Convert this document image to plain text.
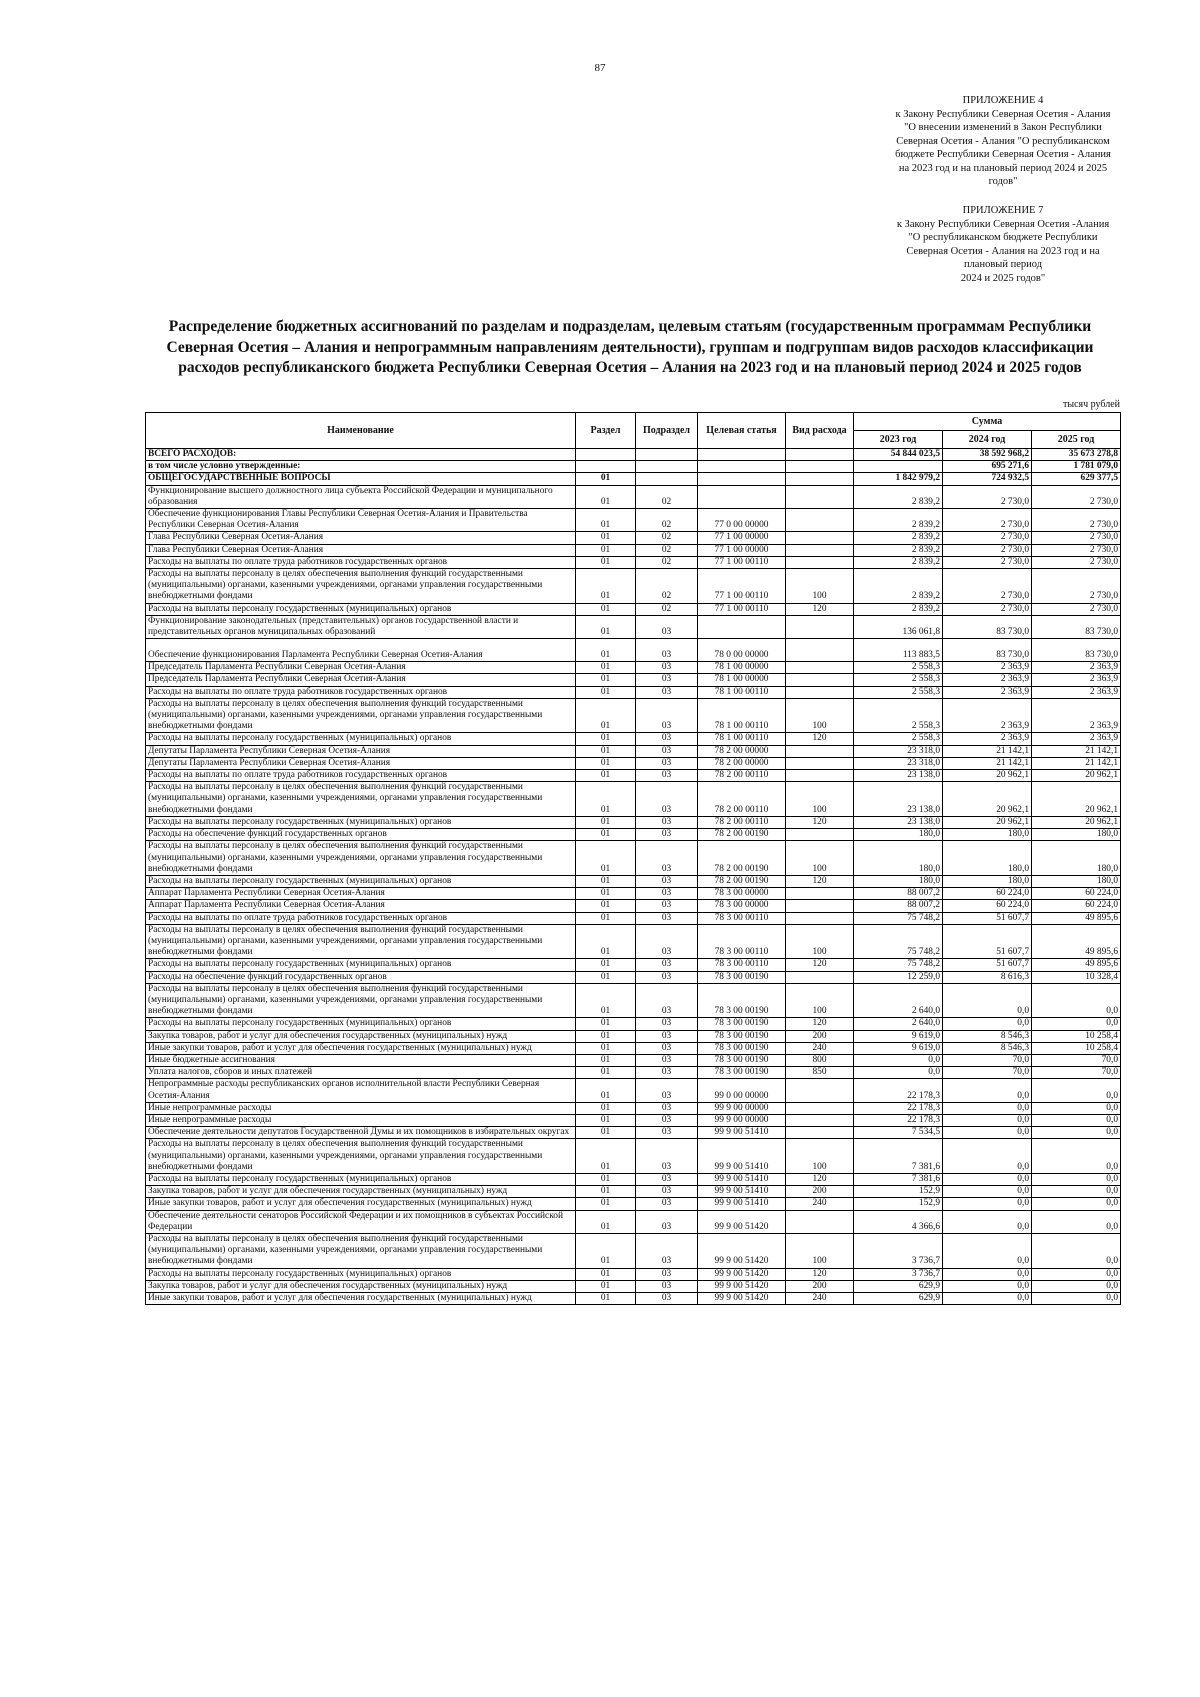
87
ПРИЛОЖЕНИЕ 4
к Закону Республики Северная Осетия - Алания
"О внесении изменений в Закон Республики
Северная Осетия - Алания "О республиканском
бюджете Республики Северная Осетия - Алания
на 2023 год и на плановый период 2024 и 2025
годов"
ПРИЛОЖЕНИЕ 7
к Закону Республики Северная Осетия -Алания
"О республиканском бюджете Республики
Северная Осетия - Алания на 2023 год и на
плановый период
2024 и 2025 годов"
Распределение бюджетных ассигнований по разделам и подразделам, целевым статьям (государственным программам Республики Северная Осетия – Алания и непрограммным направлениям деятельности), группам и подгруппам видов расходов классификации расходов республиканского бюджета Республики Северная Осетия – Алания на 2023 год и на плановый период 2024 и 2025 годов
тысяч рублей
Наименование	Раздел	Подраздел	Целевая статья	Вид расхода	Сумма		
					2023 год	2024 год	2025 год
ВСЕГО РАСХОДОВ:					54 844 023,5	38 592 968,2	35 673 278,8
в том числе условно утвержденные:						695 271,6	1 781 079,0
ОБЩЕГОСУДАРСТВЕННЫЕ ВОПРОСЫ	01				1 842 979,2	724 932,5	629 377,5
Функционирование высшего должностного лица субъекта Российской Федерации и муниципального образования	01	02			2 839,2	2 730,0	2 730,0
Обеспечение функционирования Главы Республики Северная Осетия-Алания и Правительства Республики Северная Осетия-Алания	01	02	77 0 00 00000		2 839,2	2 730,0	2 730,0
Глава Республики Северная Осетия-Алания	01	02	77 1 00 00000		2 839,2	2 730,0	2 730,0
Глава Республики Северная Осетия-Алания	01	02	77 1 00 00000		2 839,2	2 730,0	2 730,0
Расходы на выплаты по оплате труда работников государственных органов	01	02	77 1 00 00110		2 839,2	2 730,0	2 730,0
Расходы на выплаты персоналу в целях обеспечения выполнения функций государственными (муниципальными) органами, казенными учреждениями, органами управления государственными внебюджетными фондами	01	02	77 1 00 00110	100	2 839,2	2 730,0	2 730,0
Расходы на выплаты персоналу государственных (муниципальных) органов	01	02	77 1 00 00110	120	2 839,2	2 730,0	2 730,0
Функционирование законодательных (представительных) органов государственной власти и представительных органов муниципальных образований	01	03			136 061,8	83 730,0	83 730,0
Обеспечение функционирования Парламента Республики Северная Осетия-Алания	01	03	78 0 00 00000		113 883,5	83 730,0	83 730,0
Председатель Парламента Республики Северная Осетия-Алания	01	03	78 1 00 00000		2 558,3	2 363,9	2 363,9
Председатель Парламента Республики Северная Осетия-Алания	01	03	78 1 00 00000		2 558,3	2 363,9	2 363,9
Расходы на выплаты по оплате труда работников государственных органов	01	03	78 1 00 00110		2 558,3	2 363,9	2 363,9
Расходы на выплаты персоналу в целях обеспечения выполнения функций государственными (муниципальными) органами, казенными учреждениями, органами управления государственными внебюджетными фондами	01	03	78 1 00 00110	100	2 558,3	2 363,9	2 363,9
Расходы на выплаты персоналу государственных (муниципальных) органов	01	03	78 1 00 00110	120	2 558,3	2 363,9	2 363,9
Депутаты Парламента Республики Северная Осетия-Алания	01	03	78 2 00 00000		23 318,0	21 142,1	21 142,1
Депутаты Парламента Республики Северная Осетия-Алания	01	03	78 2 00 00000		23 318,0	21 142,1	21 142,1
Расходы на выплаты по оплате труда работников государственных органов	01	03	78 2 00 00110		23 138,0	20 962,1	20 962,1
Расходы на выплаты персоналу в целях обеспечения выполнения функций государственными (муниципальными) органами, казенными учреждениями, органами управления государственными внебюджетными фондами	01	03	78 2 00 00110	100	23 138,0	20 962,1	20 962,1
Расходы на выплаты персоналу государственных (муниципальных) органов	01	03	78 2 00 00110	120	23 138,0	20 962,1	20 962,1
Расходы на обеспечение функций государственных органов	01	03	78 2 00 00190		180,0	180,0	180,0
Расходы на выплаты персоналу в целях обеспечения выполнения функций государственными (муниципальными) органами, казенными учреждениями, органами управления государственными внебюджетными фондами	01	03	78 2 00 00190	100	180,0	180,0	180,0
Расходы на выплаты персоналу государственных (муниципальных) органов	01	03	78 2 00 00190	120	180,0	180,0	180,0
Аппарат Парламента Республики Северная Осетия-Алания	01	03	78 3 00 00000		88 007,2	60 224,0	60 224,0
Аппарат Парламента Республики Северная Осетия-Алания	01	03	78 3 00 00000		88 007,2	60 224,0	60 224,0
Расходы на выплаты по оплате труда работников государственных органов	01	03	78 3 00 00110		75 748,2	51 607,7	49 895,6
Расходы на выплаты персоналу в целях обеспечения выполнения функций государственными (муниципальными) органами, казенными учреждениями, органами управления государственными внебюджетными фондами	01	03	78 3 00 00110	100	75 748,2	51 607,7	49 895,6
Расходы на выплаты персоналу государственных (муниципальных) органов	01	03	78 3 00 00110	120	75 748,2	51 607,7	49 895,6
Расходы на обеспечение функций государственных органов	01	03	78 3 00 00190		12 259,0	8 616,3	10 328,4
Расходы на выплаты персоналу в целях обеспечения выполнения функций государственными (муниципальными) органами, казенными учреждениями, органами управления государственными внебюджетными фондами	01	03	78 3 00 00190	100	2 640,0	0,0	0,0
Расходы на выплаты персоналу государственных (муниципальных) органов	01	03	78 3 00 00190	120	2 640,0	0,0	0,0
Закупка товаров, работ и услуг для обеспечения государственных (муниципальных) нужд	01	03	78 3 00 00190	200	9 619,0	8 546,3	10 258,4
Иные закупки товаров, работ и услуг для обеспечения государственных (муниципальных) нужд	01	03	78 3 00 00190	240	9 619,0	8 546,3	10 258,4
Иные бюджетные ассигнования	01	03	78 3 00 00190	800	0,0	70,0	70,0
Уплата налогов, сборов и иных платежей	01	03	78 3 00 00190	850	0,0	70,0	70,0
Непрограммные расходы республиканских органов исполнительной власти Республики Северная Осетия-Алания	01	03	99 0 00 00000		22 178,3	0,0	0,0
Иные непрограммные расходы	01	03	99 9 00 00000		22 178,3	0,0	0,0
Иные непрограммные расходы	01	03	99 9 00 00000		22 178,3	0,0	0,0
Обеспечение деятельности депутатов Государственной Думы и их помощников в избирательных округах	01	03	99 9 00 51410		7 534,5	0,0	0,0
Расходы на выплаты персоналу в целях обеспечения выполнения функций государственными (муниципальными) органами, казенными учреждениями, органами управления государственными внебюджетными фондами	01	03	99 9 00 51410	100	7 381,6	0,0	0,0
Расходы на выплаты персоналу государственных (муниципальных) органов	01	03	99 9 00 51410	120	7 381,6	0,0	0,0
Закупка товаров, работ и услуг для обеспечения государственных (муниципальных) нужд	01	03	99 9 00 51410	200	152,9	0,0	0,0
Иные закупки товаров, работ и услуг для обеспечения государственных (муниципальных) нужд	01	03	99 9 00 51410	240	152,9	0,0	0,0
Обеспечение деятельности сенаторов Российской Федерации и их помощников в субъектах Российской Федерации	01	03	99 9 00 51420		4 366,6	0,0	0,0
Расходы на выплаты персоналу в целях обеспечения выполнения функций государственными (муниципальными) органами, казенными учреждениями, органами управления государственными внебюджетными фондами	01	03	99 9 00 51420	100	3 736,7	0,0	0,0
Расходы на выплаты персоналу государственных (муниципальных) органов	01	03	99 9 00 51420	120	3 736,7	0,0	0,0
Закупка товаров, работ и услуг для обеспечения государственных (муниципальных) нужд	01	03	99 9 00 51420	200	629,9	0,0	0,0
Иные закупки товаров, работ и услуг для обеспечения государственных (муниципальных) нужд	01	03	99 9 00 51420	240	629,9	0,0	0,0
